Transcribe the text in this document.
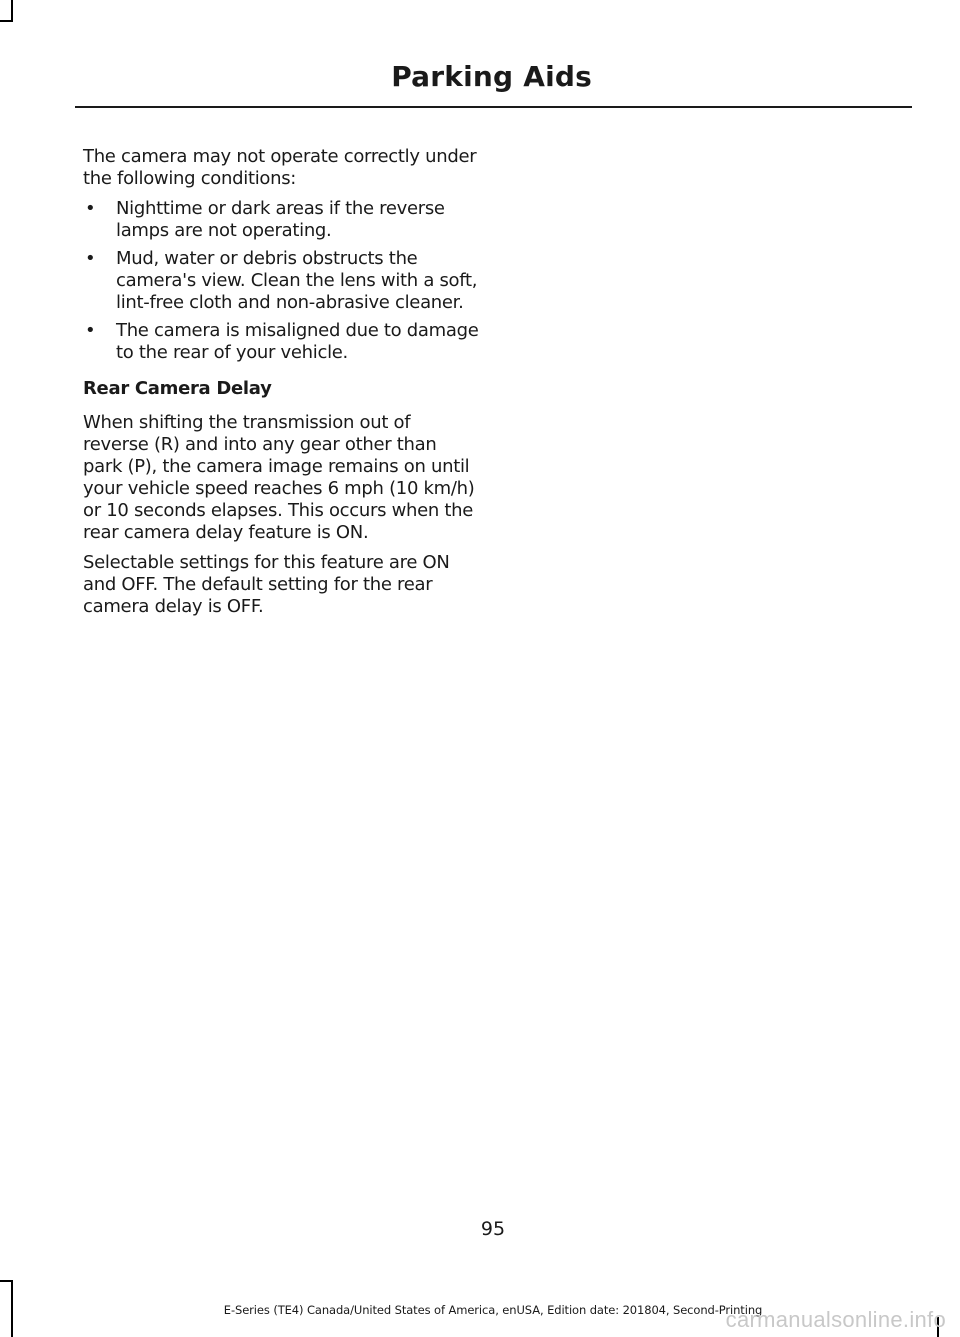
Parking Aids

The camera may not operate correctly under the following conditions:

• Nighttime or dark areas if the reverse lamps are not operating.
• Mud, water or debris obstructs the camera's view. Clean the lens with a soft, lint-free cloth and non-abrasive cleaner.
• The camera is misaligned due to damage to the rear of your vehicle.
Rear Camera Delay

When shifting the transmission out of reverse (R) and into any gear other than park (P), the camera image remains on until your vehicle speed reaches 6 mph (10 km/h) or 10 seconds elapses. This occurs when the rear camera delay feature is ON.

Selectable settings for this feature are ON and OFF. The default setting for the rear camera delay is OFF.

95
E-Series (TE4) Canada/United States of America, enUSA, Edition date: 201804, Second-Printing
carmanualsonline.info
